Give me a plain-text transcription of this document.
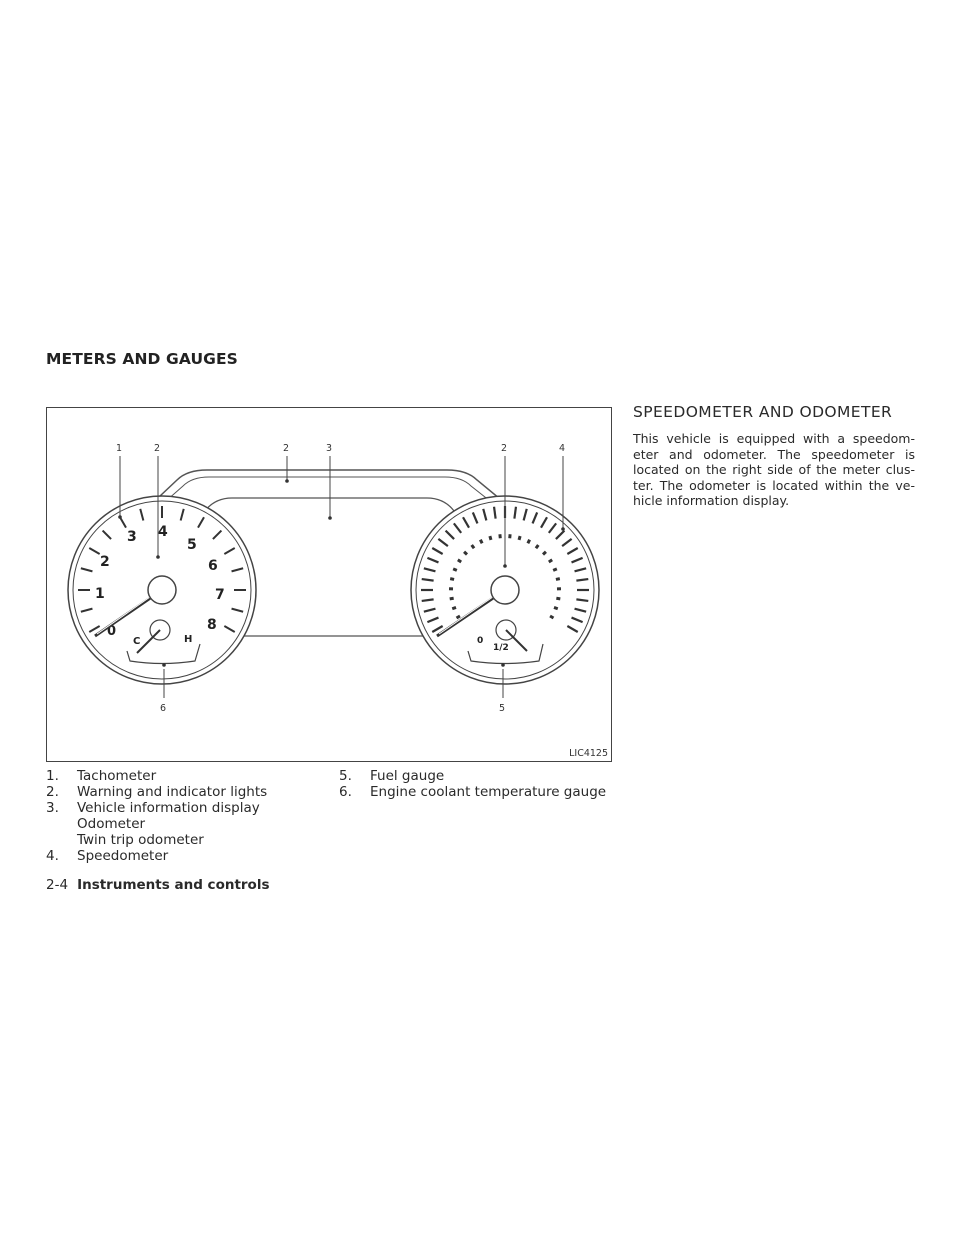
METERS AND GAUGES
0
1
2
3 4
5
6
7
8
C	H	0
1/2
1	2	2	3	2	4
6	5
LIC4125
1.	Tachometer
2.	Warning and indicator lights
3.	Vehicle information display
Odometer
Twin trip odometer
4.	Speedometer
5.	Fuel gauge
6.	Engine coolant temperature gauge
SPEEDOMETER AND ODOMETER
This vehicle is equipped with a speedom-eter and odometer. The speedometer is located on the right side of the meter clus-ter. The odometer is located within the ve-hicle information display.
2-4 Instruments and controls
